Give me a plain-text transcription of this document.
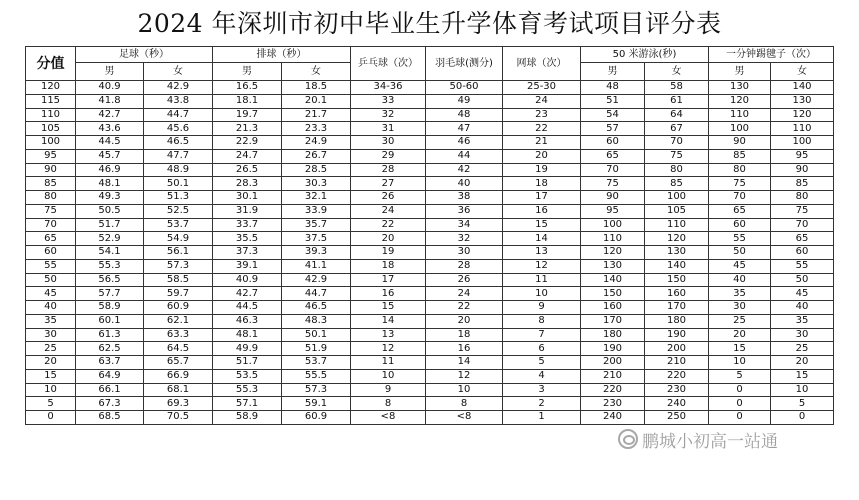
2024 年深圳市初中毕业生升学体育考试项目评分表
分值	足球（秒）		排球（秒）		乒乓球（次）	羽毛球(测分)	网球（次）	50 米游泳(秒)		一分钟踢毽子（次）	
	男	女	男	女				男	女	男	女
120	40.9	42.9	16.5	18.5	34-36	50-60	25-30	48	58	130	140
115	41.8	43.8	18.1	20.1	33	49	24	51	61	120	130
110	42.7	44.7	19.7	21.7	32	48	23	54	64	110	120
105	43.6	45.6	21.3	23.3	31	47	22	57	67	100	110
100	44.5	46.5	22.9	24.9	30	46	21	60	70	90	100
95	45.7	47.7	24.7	26.7	29	44	20	65	75	85	95
90	46.9	48.9	26.5	28.5	28	42	19	70	80	80	90
85	48.1	50.1	28.3	30.3	27	40	18	75	85	75	85
80	49.3	51.3	30.1	32.1	26	38	17	90	100	70	80
75	50.5	52.5	31.9	33.9	24	36	16	95	105	65	75
70	51.7	53.7	33.7	35.7	22	34	15	100	110	60	70
65	52.9	54.9	35.5	37.5	20	32	14	110	120	55	65
60	54.1	56.1	37.3	39.3	19	30	13	120	130	50	60
55	55.3	57.3	39.1	41.1	18	28	12	130	140	45	55
50	56.5	58.5	40.9	42.9	17	26	11	140	150	40	50
45	57.7	59.7	42.7	44.7	16	24	10	150	160	35	45
40	58.9	60.9	44.5	46.5	15	22	9	160	170	30	40
35	60.1	62.1	46.3	48.3	14	20	8	170	180	25	35
30	61.3	63.3	48.1	50.1	13	18	7	180	190	20	30
25	62.5	64.5	49.9	51.9	12	16	6	190	200	15	25
20	63.7	65.7	51.7	53.7	11	14	5	200	210	10	20
15	64.9	66.9	53.5	55.5	10	12	4	210	220	5	15
10	66.1	68.1	55.3	57.3	9	10	3	220	230	0	10
5	67.3	69.3	57.1	59.1	8	8	2	230	240	0	5
0	68.5	70.5	58.9	60.9	<8	<8	1	240	250	0	0
鹏城小初高一站通
